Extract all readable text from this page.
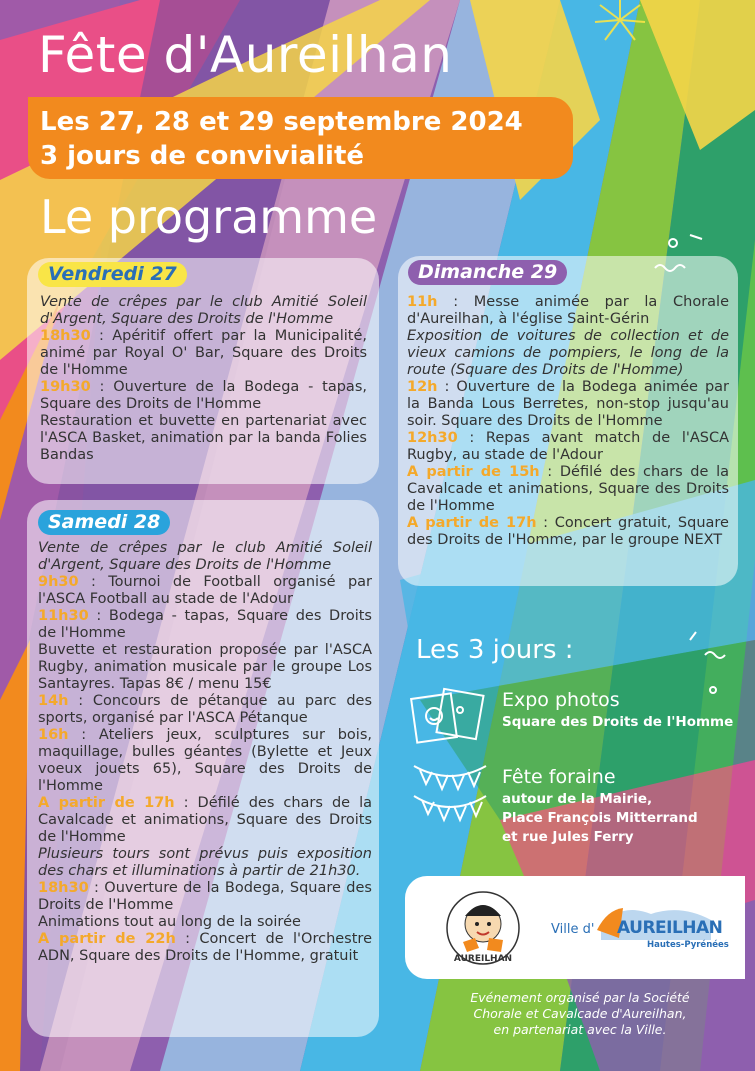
Fête d'Aureilhan
Les 27, 28 et 29 septembre 2024
3 jours de convivialité
Le programme
Vendredi 27

Vente de crêpes par le club Amitié Soleil d'Argent, Square des Droits de l'Homme

18h30 : Apéritif offert par la Municipalité, animé par Royal O' Bar, Square des Droits de l'Homme

19h30 : Ouverture de la Bodega - tapas, Square des Droits de l'Homme

Restauration et buvette en partenariat avec l'ASCA Basket, animation par la banda Folies Bandas

Samedi 28

Vente de crêpes par le club Amitié Soleil d'Argent, Square des Droits de l'Homme

9h30 : Tournoi de Football organisé par l'ASCA Football au stade de l'Adour

11h30 : Bodega - tapas, Square des Droits de l'Homme

Buvette et restauration proposée par l'ASCA Rugby, animation musicale par le groupe Los Santayres. Tapas 8€ / menu 15€

14h : Concours de pétanque au parc des sports, organisé par l'ASCA Pétanque

16h : Ateliers jeux, sculptures sur bois, maquillage, bulles géantes (Bylette et Jeux voeux jouets 65), Square des Droits de l'Homme

A partir de 17h : Défilé des chars de la Cavalcade et animations, Square des Droits de l'Homme

Plusieurs tours sont prévus puis exposition des chars et illuminations à partir de 21h30.

18h30 : Ouverture de la Bodega, Square des Droits de l'Homme

Animations tout au long de la soirée

A partir de 22h : Concert de l'Orchestre ADN, Square des Droits de l'Homme, gratuit

Dimanche 29

11h : Messe animée par la Chorale d'Aureilhan, à l'église Saint-Gérin

Exposition de voitures de collection et de vieux camions de pompiers, le long de la route (Square des Droits de l'Homme)

12h : Ouverture de la Bodega animée par la Banda Lous Berretes, non-stop jusqu'au soir. Square des Droits de l'Homme

12h30 : Repas avant match de l'ASCA Rugby, au stade de l'Adour

A partir de 15h : Défilé des chars de la Cavalcade et animations, Square des Droits de l'Homme

A partir de 17h : Concert gratuit, Square des Droits de l'Homme, par le groupe NEXT

Les 3 jours :
Expo photos
Square des Droits de l'Homme
Fête foraine
autour de la Mairie,
Place François Mitterrand
et rue Jules Ferry
AUREILHAN
Ville d' AUREILHAN
Hautes-Pyrénées
Evénement organisé par la Société
Chorale et Cavalcade d'Aureilhan,
en partenariat avec la Ville.
